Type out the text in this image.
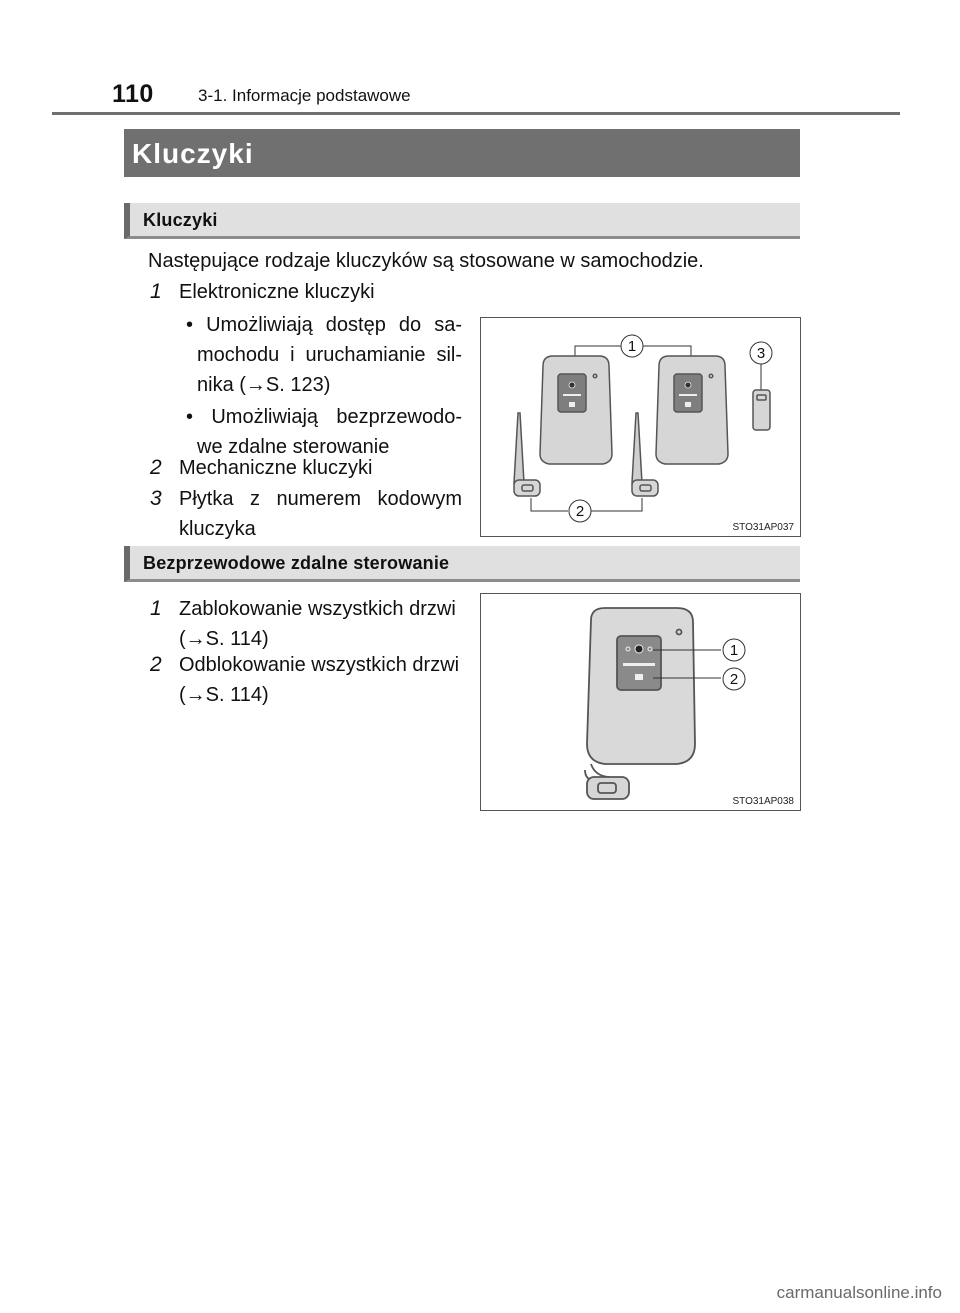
110	3-1. Informacje podstawowe
Kluczyki
Kluczyki
Następujące rodzaje kluczyków są stosowane w samochodzie.
1 Elektroniczne kluczyki
• Umożliwiają dostęp do sa-
mochodu i uruchamianie sil-
nika (→S. 123)
• Umożliwiają bezprzewodo-
we zdalne sterowanie
2 Mechaniczne kluczyki
3 Płytka z numerem kodowym
kluczyka
1
2
3
STO31AP037
Bezprzewodowe zdalne sterowanie
1 Zablokowanie wszystkich drzwi
(→S. 114)
2 Odblokowanie wszystkich drzwi
(→S. 114)
1
2
STO31AP038
carmanualsonline.info
